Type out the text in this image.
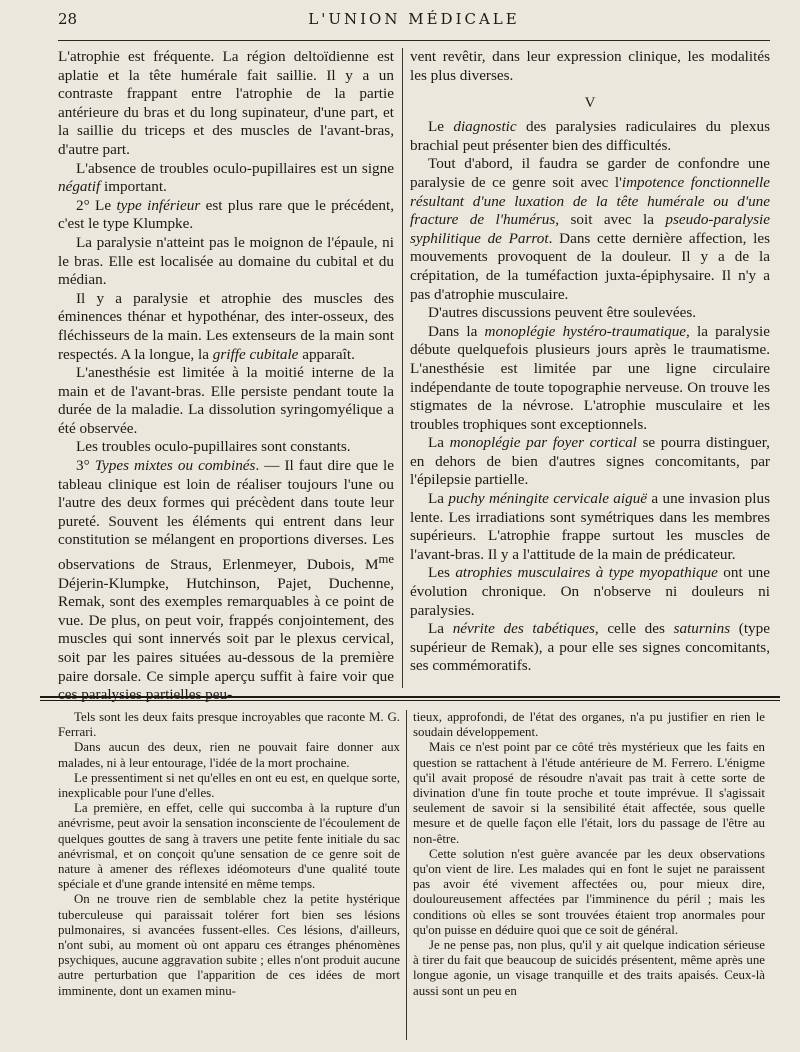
28	L'UNION MÉDICALE

L'atrophie est fréquente. La région deltoïdienne est aplatie et la tête humérale fait saillie. Il y a un contraste frappant entre l'atrophie de la partie antérieure du bras et du long supinateur, d'une part, et la saillie du triceps et des muscles de l'avant-bras, d'autre part.

L'absence de troubles oculo-pupillaires est un signe négatif important.

2° Le type inférieur est plus rare que le précédent, c'est le type Klumpke.

La paralysie n'atteint pas le moignon de l'épaule, ni le bras. Elle est localisée au domaine du cubital et du médian.

Il y a paralysie et atrophie des muscles des éminences thénar et hypothénar, des inter-osseux, des fléchisseurs de la main. Les extenseurs de la main sont respectés. A la longue, la griffe cubitale apparaît.

L'anesthésie est limitée à la moitié interne de la main et de l'avant-bras. Elle persiste pendant toute la durée de la maladie. La dissolution syringomyélique a été observée.

Les troubles oculo-pupillaires sont constants.

3° Types mixtes ou combinés. — Il faut dire que le tableau clinique est loin de réaliser toujours l'une ou l'autre des deux formes qui précèdent dans toute leur pureté. Souvent les éléments qui entrent dans leur constitution se mélangent en proportions diverses. Les observations de Straus, Erlenmeyer, Dubois, $M^{me}$ Déjerin-Klumpke, Hutchinson, Pajet, Duchenne, Remak, sont des exemples remarquables à ce point de vue. De plus, on peut voir, frappés conjointement, des muscles qui sont innervés soit par le plexus cervical, soit par les paires situées au-dessous de la première paire dorsale. Ce simple aperçu suffit à faire voir que ces paralysies partielles peu-

vent revêtir, dans leur expression clinique, les modalités les plus diverses.

V

Le diagnostic des paralysies radiculaires du plexus brachial peut présenter bien des difficultés.

Tout d'abord, il faudra se garder de confondre une paralysie de ce genre soit avec l'impotence fonctionnelle résultant d'une luxation de la tête humérale ou d'une fracture de l'humérus, soit avec la pseudo-paralysie syphilitique de Parrot. Dans cette dernière affection, les mouvements provoquent de la douleur. Il y a de la crépitation, de la tuméfaction juxta-épiphysaire. Il n'y a pas d'atrophie musculaire.

D'autres discussions peuvent être soulevées.

Dans la monoplégie hystéro-traumatique, la paralysie débute quelquefois plusieurs jours après le traumatisme. L'anesthésie est limitée par une ligne circulaire indépendante de toute topographie nerveuse. On trouve les stigmates de la névrose. L'atrophie musculaire et les troubles trophiques sont exceptionnels.

La monoplégie par foyer cortical se pourra distinguer, en dehors de bien d'autres signes concomitants, par l'épilepsie partielle.

La puchy méningite cervicale aiguë a une invasion plus lente. Les irradiations sont symétriques dans les membres supérieurs. L'atrophie frappe surtout les muscles de l'avant-bras. Il y a l'attitude de la main de prédicateur.

Les atrophies musculaires à type myopathique ont une évolution chronique. On n'observe ni douleurs ni paralysies.

La névrite des tabétiques, celle des saturnins (type supérieur de Remak), a pour elle ses signes concomitants, ses commémoratifs.

Tels sont les deux faits presque incroyables que raconte M. G. Ferrari.

Dans aucun des deux, rien ne pouvait faire donner aux malades, ni à leur entourage, l'idée de la mort prochaine.

Le pressentiment si net qu'elles en ont eu est, en quelque sorte, inexplicable pour l'une d'elles.

La première, en effet, celle qui succomba à la rupture d'un anévrisme, peut avoir la sensation inconsciente de l'écoulement de quelques gouttes de sang à travers une petite fente initiale du sac anévrismal, et on conçoit qu'une sensation de ce genre soit de nature à amener des réflexes idéomoteurs d'une qualité toute spéciale et d'une grande intensité en même temps.

On ne trouve rien de semblable chez la petite hystérique tuberculeuse qui paraissait tolérer fort bien ses lésions pulmonaires, si avancées fussent-elles. Ces lésions, d'ailleurs, n'ont subi, au moment où ont apparu ces étranges phénomènes psychiques, aucune aggravation subite ; elles n'ont produit aucune autre perturbation que l'apparition de ces idées de mort imminente, dont un examen minu-

tieux, approfondi, de l'état des organes, n'a pu justifier en rien le soudain développement.

Mais ce n'est point par ce côté très mystérieux que les faits en question se rattachent à l'étude antérieure de M. Ferrero. L'énigme qu'il avait proposé de résoudre n'avait pas trait à cette sorte de divination d'une fin toute proche et toute imprévue. Il s'agissait seulement de savoir si la sensibilité était affectée, sous quelle mesure et de quelle façon elle l'était, lors du passage de l'être au non-être.

Cette solution n'est guère avancée par les deux observations qu'on vient de lire. Les malades qui en font le sujet ne paraissent pas avoir été vivement affectées ou, pour mieux dire, douloureusement affectées par l'imminence du péril ; mais les conditions où elles se sont trouvées étaient trop anormales pour qu'on puisse en déduire quoi que ce soit de général.

Je ne pense pas, non plus, qu'il y ait quelque indication sérieuse à tirer du fait que beaucoup de suicidés présentent, même après une longue agonie, un visage tranquille et des traits apaisés. Ceux-là aussi sont un peu en
